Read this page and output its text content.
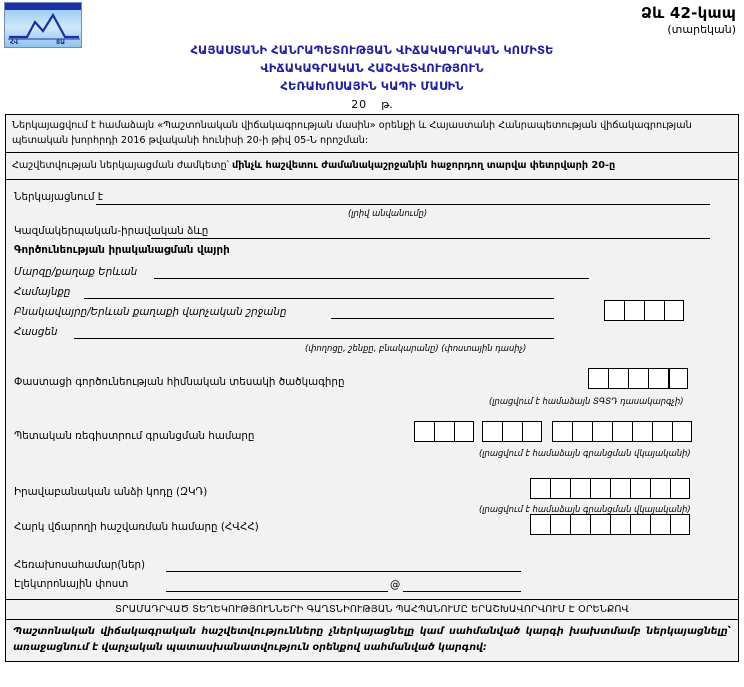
ՀՎ	ՏԱ
Ձև 42-կապ
(տարեկան)
ՀԱՅԱՍՏԱՆԻ ՀԱՆՐԱՊԵՏՈՒԹՅԱՆ ՎԻՃԱԿԱԳՐԱԿԱՆ ԿՈՄԻՏԵ
ՎԻՃԱԿԱԳՐԱԿԱՆ ՀԱՇՎԵՏՎՈՒԹՅՈՒՆ
ՀԵՌԱԽՈՍԱՅԻՆ ԿԱՊԻ ՄԱՍԻՆ
20 թ.
Ներկայացվում է համաձայն «Պաշտոնական վիճակագրության մասին» օրենքի և Հայաստանի Հանրապետության վիճակագրության պետական խորհրդի 2016 թվականի հունիսի 20-ի թիվ 05-Ն որոշման:
Հաշվետվության ներկայացման ժամկետը՝ մինչև հաշվետու ժամանակաշրջանին հաջորդող տարվա փետրվարի 20-ը
Ներկայացնում է
(լրիվ անվանումը)
Կազմակերպական-իրավական ձևը
Գործունեության իրականացման վայրի
Մարզը/քաղաք Երևան
Համայնքը
Բնակավայրը/Երևան քաղաքի վարչական շրջանը
Հասցեն
(փողոցը, շենքը, բնակարանը) (փոստային դասիչ)
Փաստացի գործունեության հիմնական տեսակի ծածկագիրը
(լրացվում է համաձայն ՏԳՏԴ դասակարգչի)
Պետական ռեգիստրում գրանցման համարը
(լրացվում է համաձայն գրանցման վկայականի)
Իրավաբանական անձի կոդը (ԶԿԴ)
(լրացվում է համաձայն գրանցման վկայականի)
Հարկ վճարողի հաշվառման համարը (ՀՎՀՀ)
Հեռախոսահամար(ներ)
Էլեկտրոնային փոստ	@
ՏՐԱՄԱԴՐՎԱԾ ՏԵՂԵԿՈՒԹՅՈՒՆՆԵՐԻ ԳԱՂՏՆԻՈՒԹՅԱՆ ՊԱՀՊԱՆՈՒՄԸ ԵՐԱՇԽԱՎՈՐՎՈՒՄ Է ՕՐԵՆՔՈՎ
Պաշտոնական վիճակագրական հաշվետվությունները չներկայացնելը կամ սահմանված կարգի խախտմամբ ներկայացնելը՝ առաջացնում է վարչական պատասխանատվություն օրենքով սահմանված կարգով:
